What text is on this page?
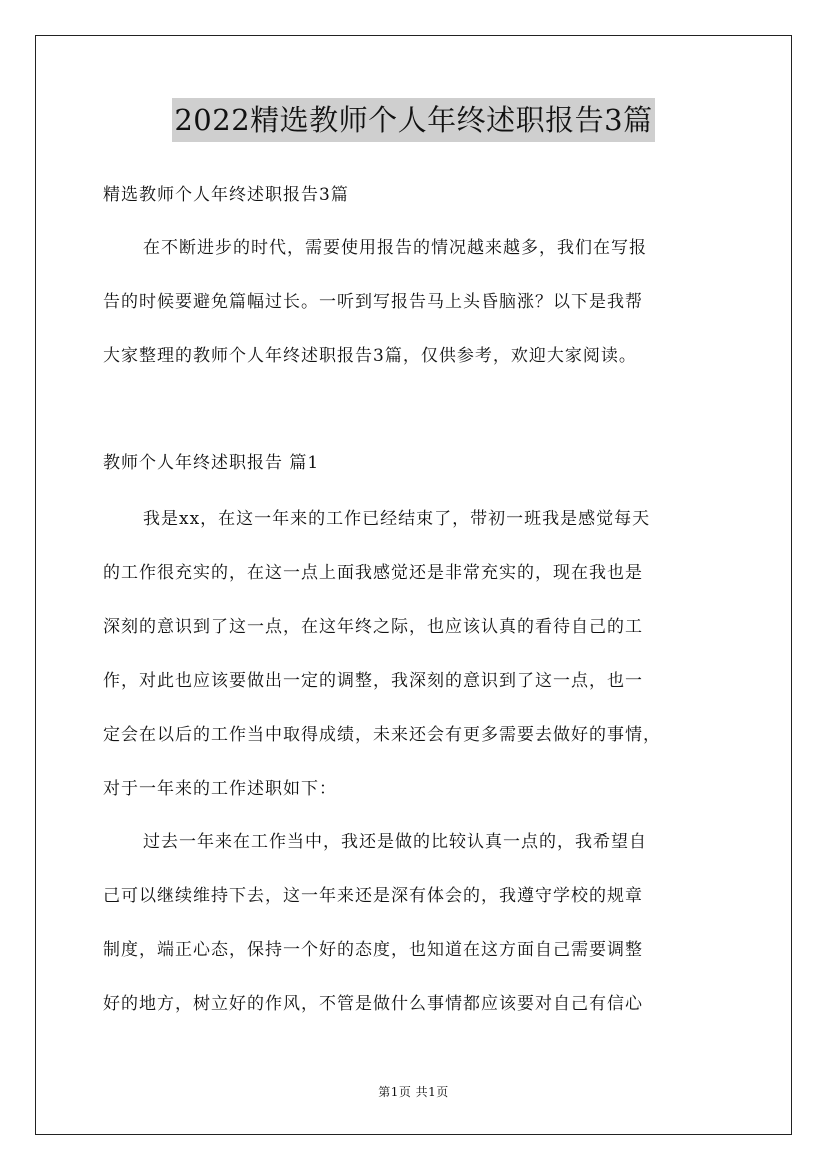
2022精选教师个人年终述职报告3篇
精选教师个人年终述职报告3篇
在不断进步的时代，需要使用报告的情况越来越多，我们在写报
告的时候要避免篇幅过长。一听到写报告马上头昏脑涨？以下是我帮
大家整理的教师个人年终述职报告3篇，仅供参考，欢迎大家阅读。
教师个人年终述职报告 篇1
我是xx，在这一年来的工作已经结束了，带初一班我是感觉每天
的工作很充实的，在这一点上面我感觉还是非常充实的，现在我也是
深刻的意识到了这一点，在这年终之际，也应该认真的看待自己的工
作，对此也应该要做出一定的调整，我深刻的意识到了这一点，也一
定会在以后的工作当中取得成绩，未来还会有更多需要去做好的事情，
对于一年来的工作述职如下：
过去一年来在工作当中，我还是做的比较认真一点的，我希望自
己可以继续维持下去，这一年来还是深有体会的，我遵守学校的规章
制度，端正心态，保持一个好的态度，也知道在这方面自己需要调整
好的地方，树立好的作风，不管是做什么事情都应该要对自己有信心
第1页 共1页
